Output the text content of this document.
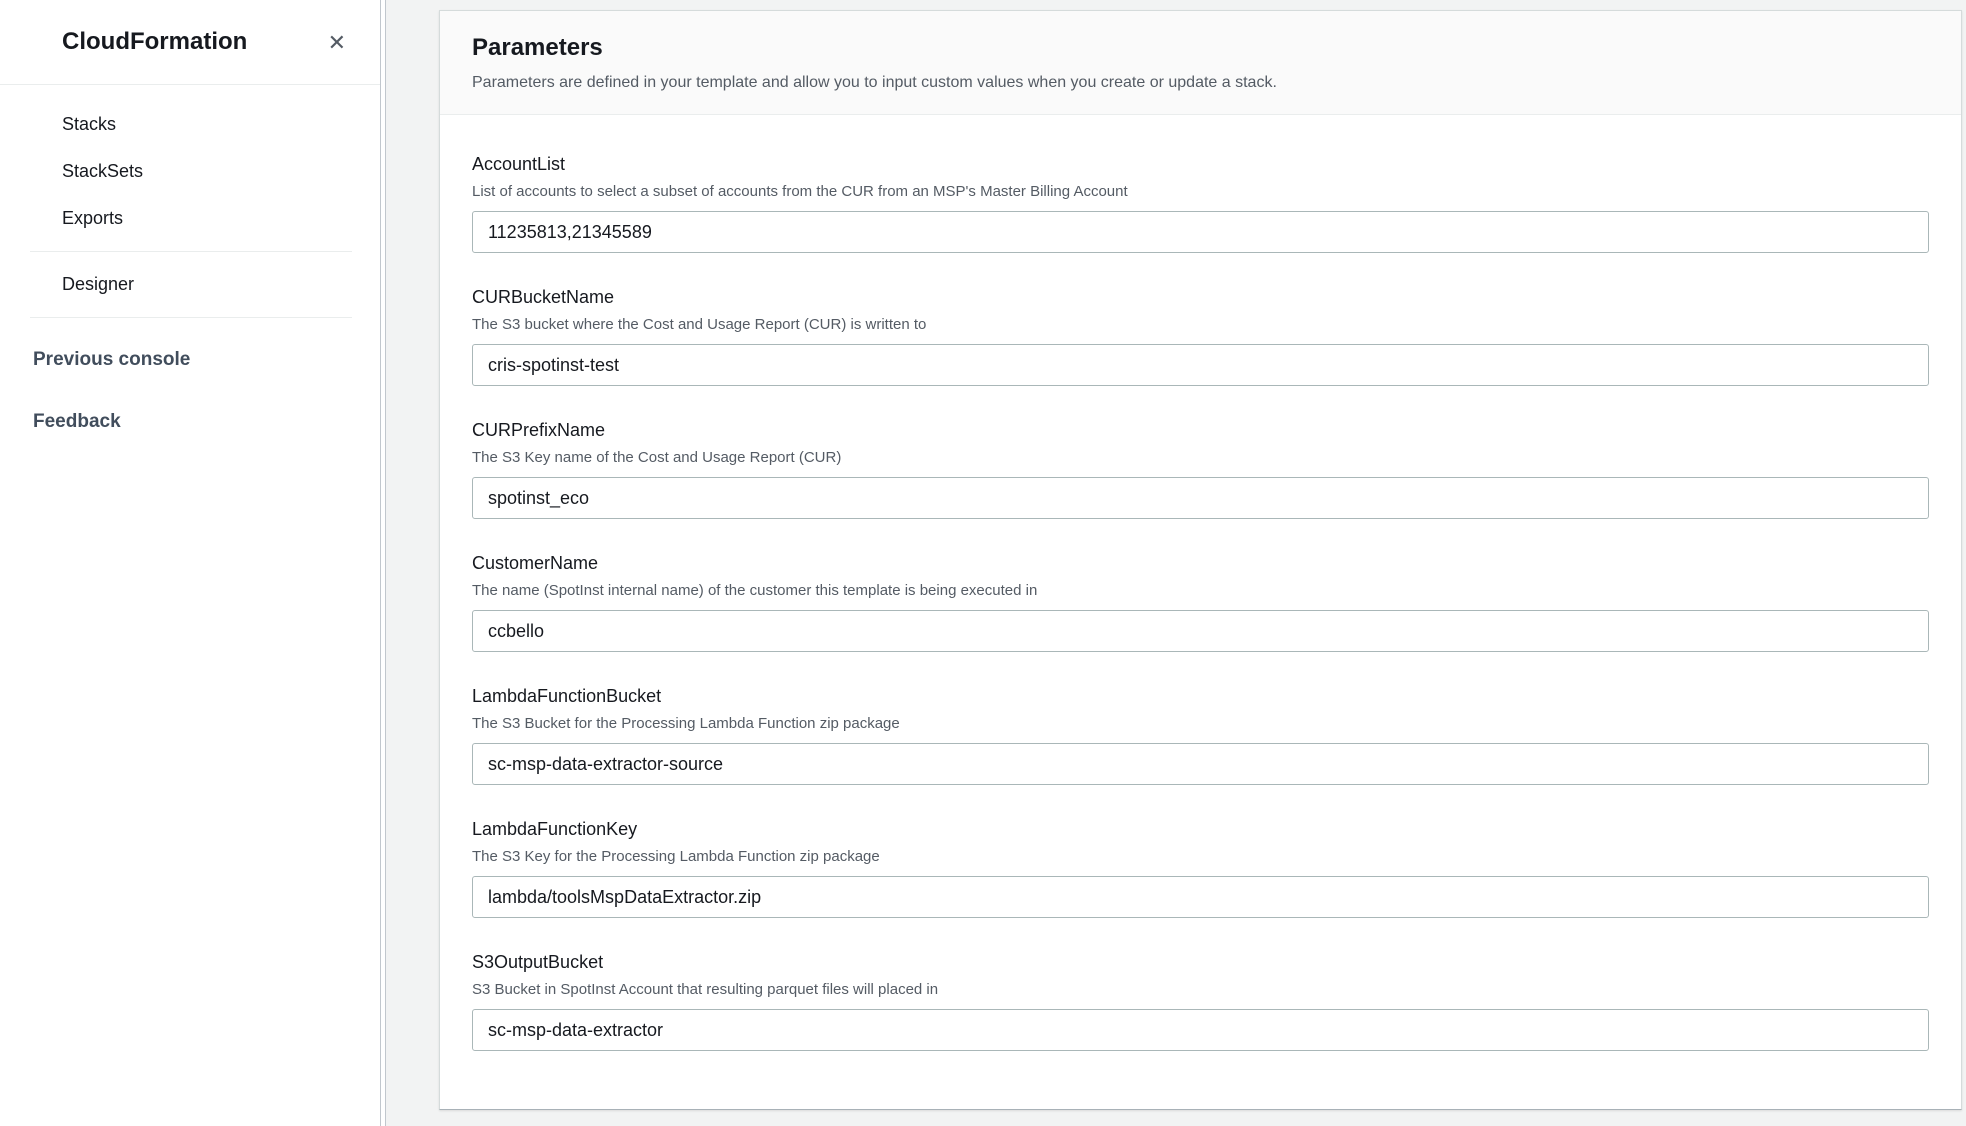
CloudFormation	✕
Stacks
StackSets
Exports
Designer
Previous console
Feedback
Parameters
Parameters are defined in your template and allow you to input custom values when you create or update a stack.
AccountList
List of accounts to select a subset of accounts from the CUR from an MSP's Master Billing Account
11235813,21345589
CURBucketName
The S3 bucket where the Cost and Usage Report (CUR) is written to
cris-spotinst-test
CURPrefixName
The S3 Key name of the Cost and Usage Report (CUR)
spotinst_eco
CustomerName
The name (SpotInst internal name) of the customer this template is being executed in
ccbello
LambdaFunctionBucket
The S3 Bucket for the Processing Lambda Function zip package
sc-msp-data-extractor-source
LambdaFunctionKey
The S3 Key for the Processing Lambda Function zip package
lambda/toolsMspDataExtractor.zip
S3OutputBucket
S3 Bucket in SpotInst Account that resulting parquet files will placed in
sc-msp-data-extractor
